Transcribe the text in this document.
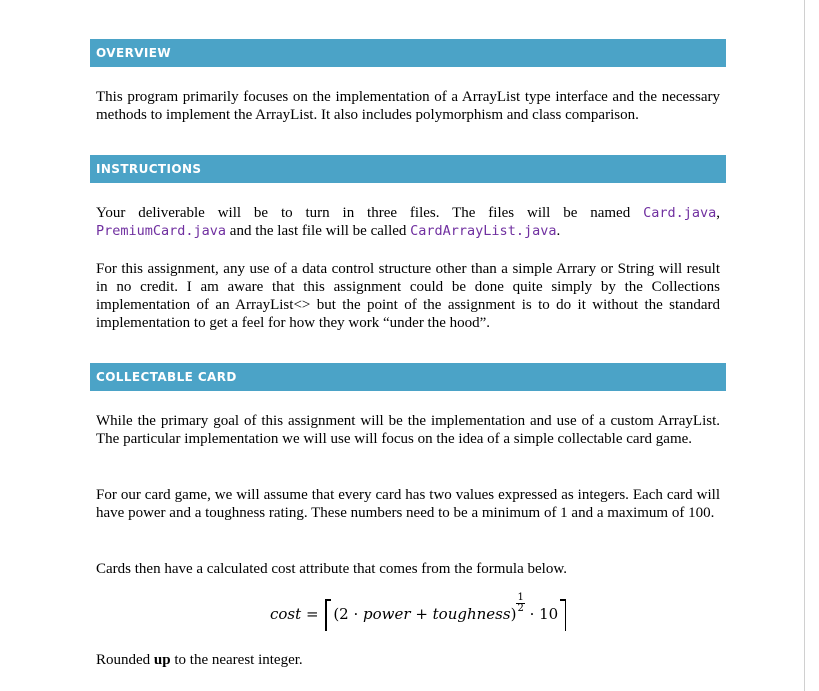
OVERVIEW

This program primarily focuses on the implementation of a ArrayList type interface and the necessary methods to implement the ArrayList. It also includes polymorphism and class comparison.

INSTRUCTIONS

Your deliverable will be to turn in three files. The files will be named Card.java, PremiumCard.java and the last file will be called CardArrayList.java.

For this assignment, any use of a data control structure other than a simple Arrary or String will result in no credit. I am aware that this assignment could be done quite simply by the Collections implementation of an ArrayList<> but the point of the assignment is to do it without the standard implementation to get a feel for how they work “under the hood”.

COLLECTABLE CARD

While the primary goal of this assignment will be the implementation and use of a custom ArrayList. The particular implementation we will use will focus on the idea of a simple collectable card game.

For our card game, we will assume that every card has two values expressed as integers. Each card will have power and a toughness rating. These numbers need to be a minimum of 1 and a maximum of 100.

Cards then have a calculated cost attribute that comes from the formula below.

cost = (2 · power + toughness) $\frac{1}{2} \cdot 10$

Rounded up to the nearest integer.
